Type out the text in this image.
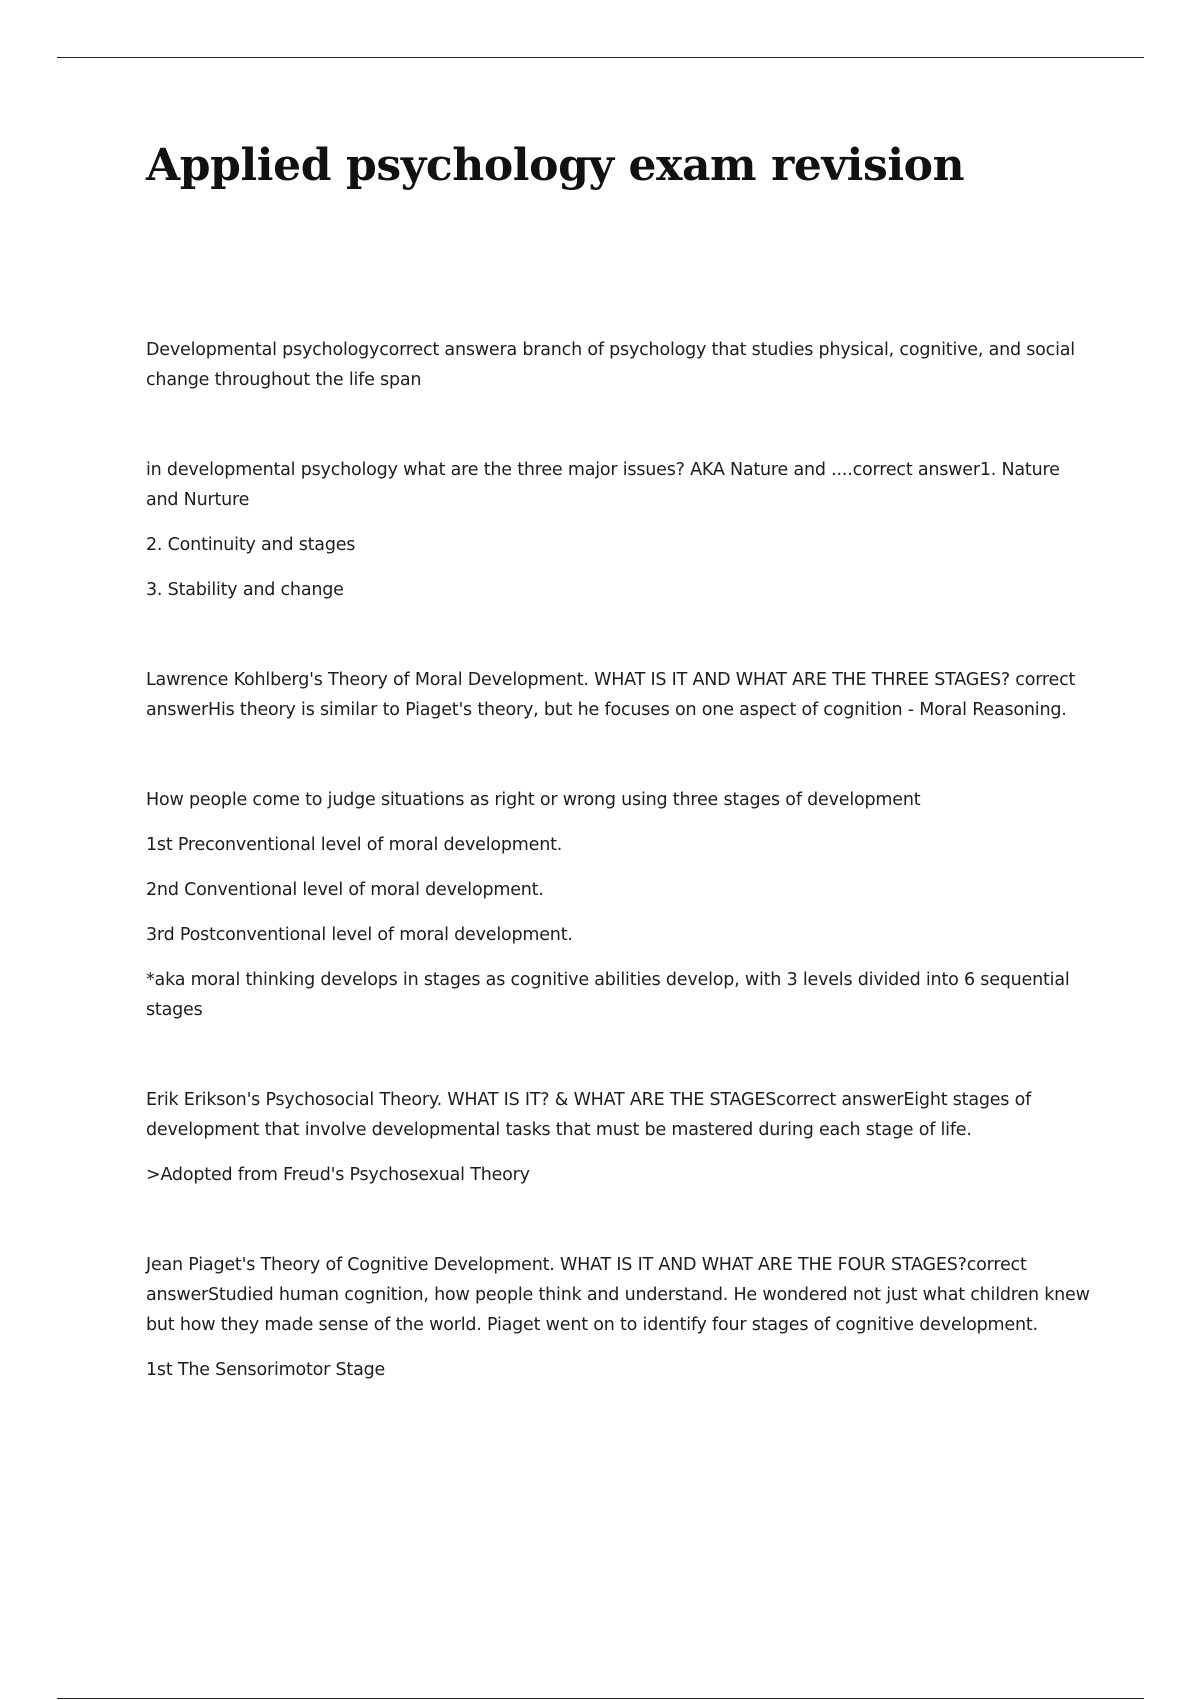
Applied psychology exam revision

Developmental psychologycorrect answera branch of psychology that studies physical, cognitive, and social change throughout the life span

in developmental psychology what are the three major issues? AKA Nature and ....correct answer1. Nature and Nurture

2. Continuity and stages

3. Stability and change

Lawrence Kohlberg's Theory of Moral Development. WHAT IS IT AND WHAT ARE THE THREE STAGES? correct answerHis theory is similar to Piaget's theory, but he focuses on one aspect of cognition - Moral Reasoning.

How people come to judge situations as right or wrong using three stages of development

1st Preconventional level of moral development.

2nd Conventional level of moral development.

3rd Postconventional level of moral development.

*aka moral thinking develops in stages as cognitive abilities develop, with 3 levels divided into 6 sequential stages

Erik Erikson's Psychosocial Theory. WHAT IS IT? & WHAT ARE THE STAGEScorrect answerEight stages of development that involve developmental tasks that must be mastered during each stage of life.

>Adopted from Freud's Psychosexual Theory

Jean Piaget's Theory of Cognitive Development. WHAT IS IT AND WHAT ARE THE FOUR STAGES?correct answerStudied human cognition, how people think and understand. He wondered not just what children knew but how they made sense of the world. Piaget went on to identify four stages of cognitive development.

1st The Sensorimotor Stage
